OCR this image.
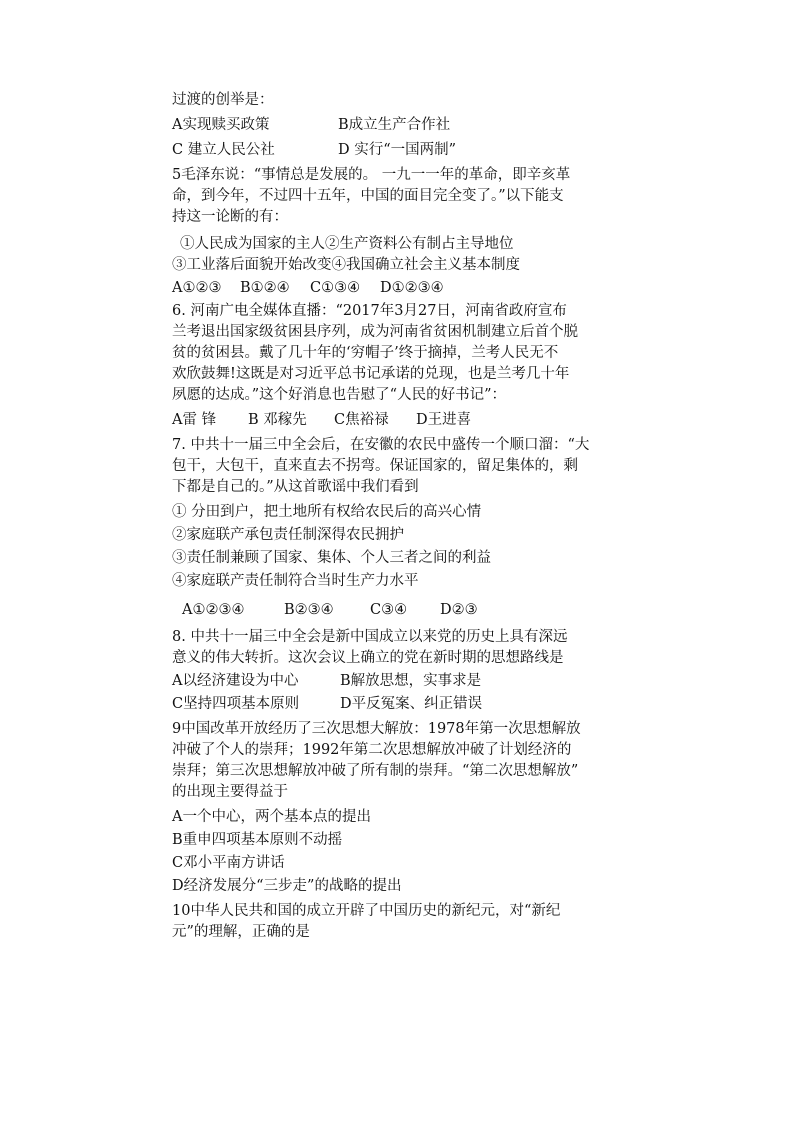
过渡的创举是：
A实现赎买政策	B成立生产合作社
C 建立人民公社	D 实行“一国两制”
5毛泽东说：“事情总是发展的。 一九一一年的革命，即辛亥革
命，到今年，不过四十五年，中国的面目完全变了。”以下能支
持这一论断的有：
①人民成为国家的主人②生产资料公有制占主导地位
③工业落后面貌开始改变④我国确立社会主义基本制度
A①②③	B①②④	C①③④	D①②③④
6. 河南广电全媒体直播：“2017年3月27日，河南省政府宣布
兰考退出国家级贫困县序列，成为河南省贫困机制建立后首个脱
贫的贫困县。戴了几十年的‘穷帽子’终于摘掉，兰考人民无不
欢欣鼓舞!这既是对习近平总书记承诺的兑现，也是兰考几十年
夙愿的达成。”这个好消息也告慰了“人民的好书记”：
A雷 锋	B 邓稼先	C焦裕禄	D王进喜
7. 中共十一届三中全会后，在安徽的农民中盛传一个顺口溜：“大
包干，大包干，直来直去不拐弯。保证国家的，留足集体的，剩
下都是自己的。”从这首歌谣中我们看到
① 分田到户，把土地所有权给农民后的高兴心情
②家庭联产承包责任制深得农民拥护
③责任制兼顾了国家、集体、个人三者之间的利益
④家庭联产责任制符合当时生产力水平
A①②③④	B②③④	C③④	D②③
8. 中共十一届三中全会是新中国成立以来党的历史上具有深远
意义的伟大转折。这次会议上确立的党在新时期的思想路线是
A以经济建设为中心	B解放思想，实事求是
C坚持四项基本原则	D平反冤案、纠正错误
9中国改革开放经历了三次思想大解放：1978年第一次思想解放
冲破了个人的崇拜；1992年第二次思想解放冲破了计划经济的
崇拜；第三次思想解放冲破了所有制的崇拜。“第二次思想解放”
的出现主要得益于
A一个中心，两个基本点的提出
B重申四项基本原则不动摇
C邓小平南方讲话
D经济发展分“三步走”的战略的提出
10中华人民共和国的成立开辟了中国历史的新纪元，对“新纪
元”的理解，正确的是
